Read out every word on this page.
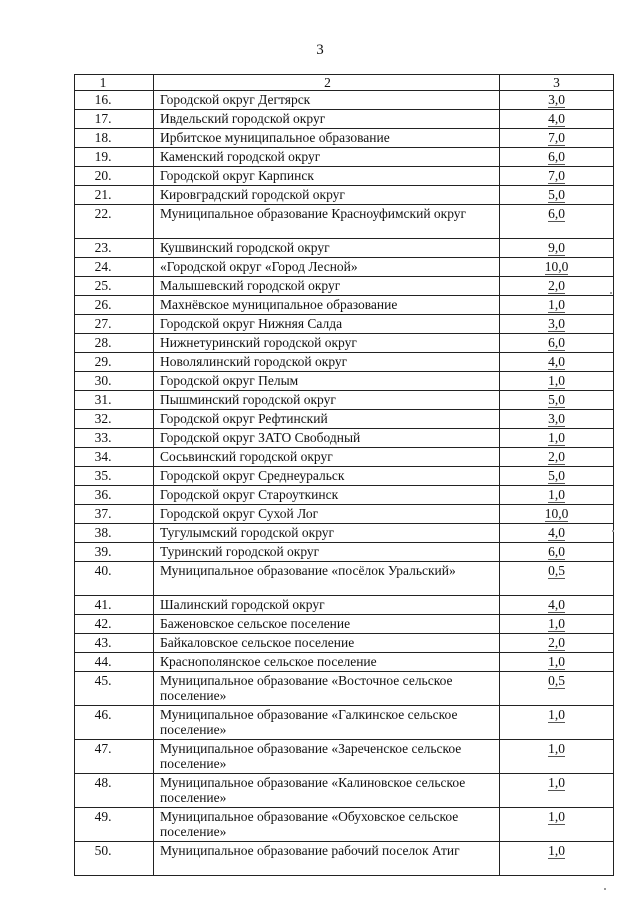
3
1	2	3
16.	Городской округ Дегтярск	3,0
17.	Ивдельский городской округ	4,0
18.	Ирбитское муниципальное образование	7,0
19.	Каменский городской округ	6,0
20.	Городской округ Карпинск	7,0
21.	Кировградский городской округ	5,0
22.	Муниципальное образование Красноуфимский округ	6,0
23.	Кушвинский городской округ	9,0
24.	«Городской округ «Город Лесной»	10,0
25.	Малышевский городской округ	2,0
26.	Махнёвское муниципальное образование	1,0
27.	Городской округ Нижняя Салда	3,0
28.	Нижнетуринский городской округ	6,0
29.	Новолялинский городской округ	4,0
30.	Городской округ Пелым	1,0
31.	Пышминский городской округ	5,0
32.	Городской округ Рефтинский	3,0
33.	Городской округ ЗАТО Свободный	1,0
34.	Сосьвинский городской округ	2,0
35.	Городской округ Среднеуральск	5,0
36.	Городской округ Староуткинск	1,0
37.	Городской округ Сухой Лог	10,0
38.	Тугулымский городской округ	4,0
39.	Туринский городской округ	6,0
40.	Муниципальное образование «посёлок Уральский»	0,5
41.	Шалинский городской округ	4,0
42.	Баженовское сельское поселение	1,0
43.	Байкаловское сельское поселение	2,0
44.	Краснополянское сельское поселение	1,0
45.	Муниципальное образование «Восточное сельское поселение»	0,5
46.	Муниципальное образование «Галкинское сельское поселение»	1,0
47.	Муниципальное образование «Зареченское сельское поселение»	1,0
48.	Муниципальное образование «Калиновское сельское поселение»	1,0
49.	Муниципальное образование «Обуховское сельское поселение»	1,0
50.	Муниципальное образование рабочий поселок Атиг	1,0
